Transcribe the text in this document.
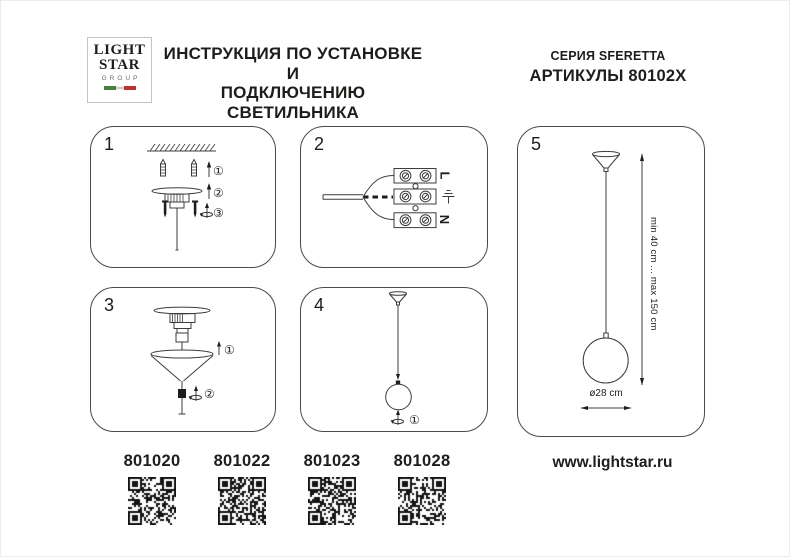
LIGHT
STAR
GROUP
ИНСТРУКЦИЯ ПО УСТАНОВКЕ И
ПОДКЛЮЧЕНИЮ СВЕТИЛЬНИКА
СЕРИЯ SFERETTA
АРТИКУЛЫ 80102X
1
①
②
③
2
L
N
3
①
②
4
①
5
min 40 cm ... max 150 cm
ø28 cm
801020	801022	801023	801028	www.lightstar.ru
